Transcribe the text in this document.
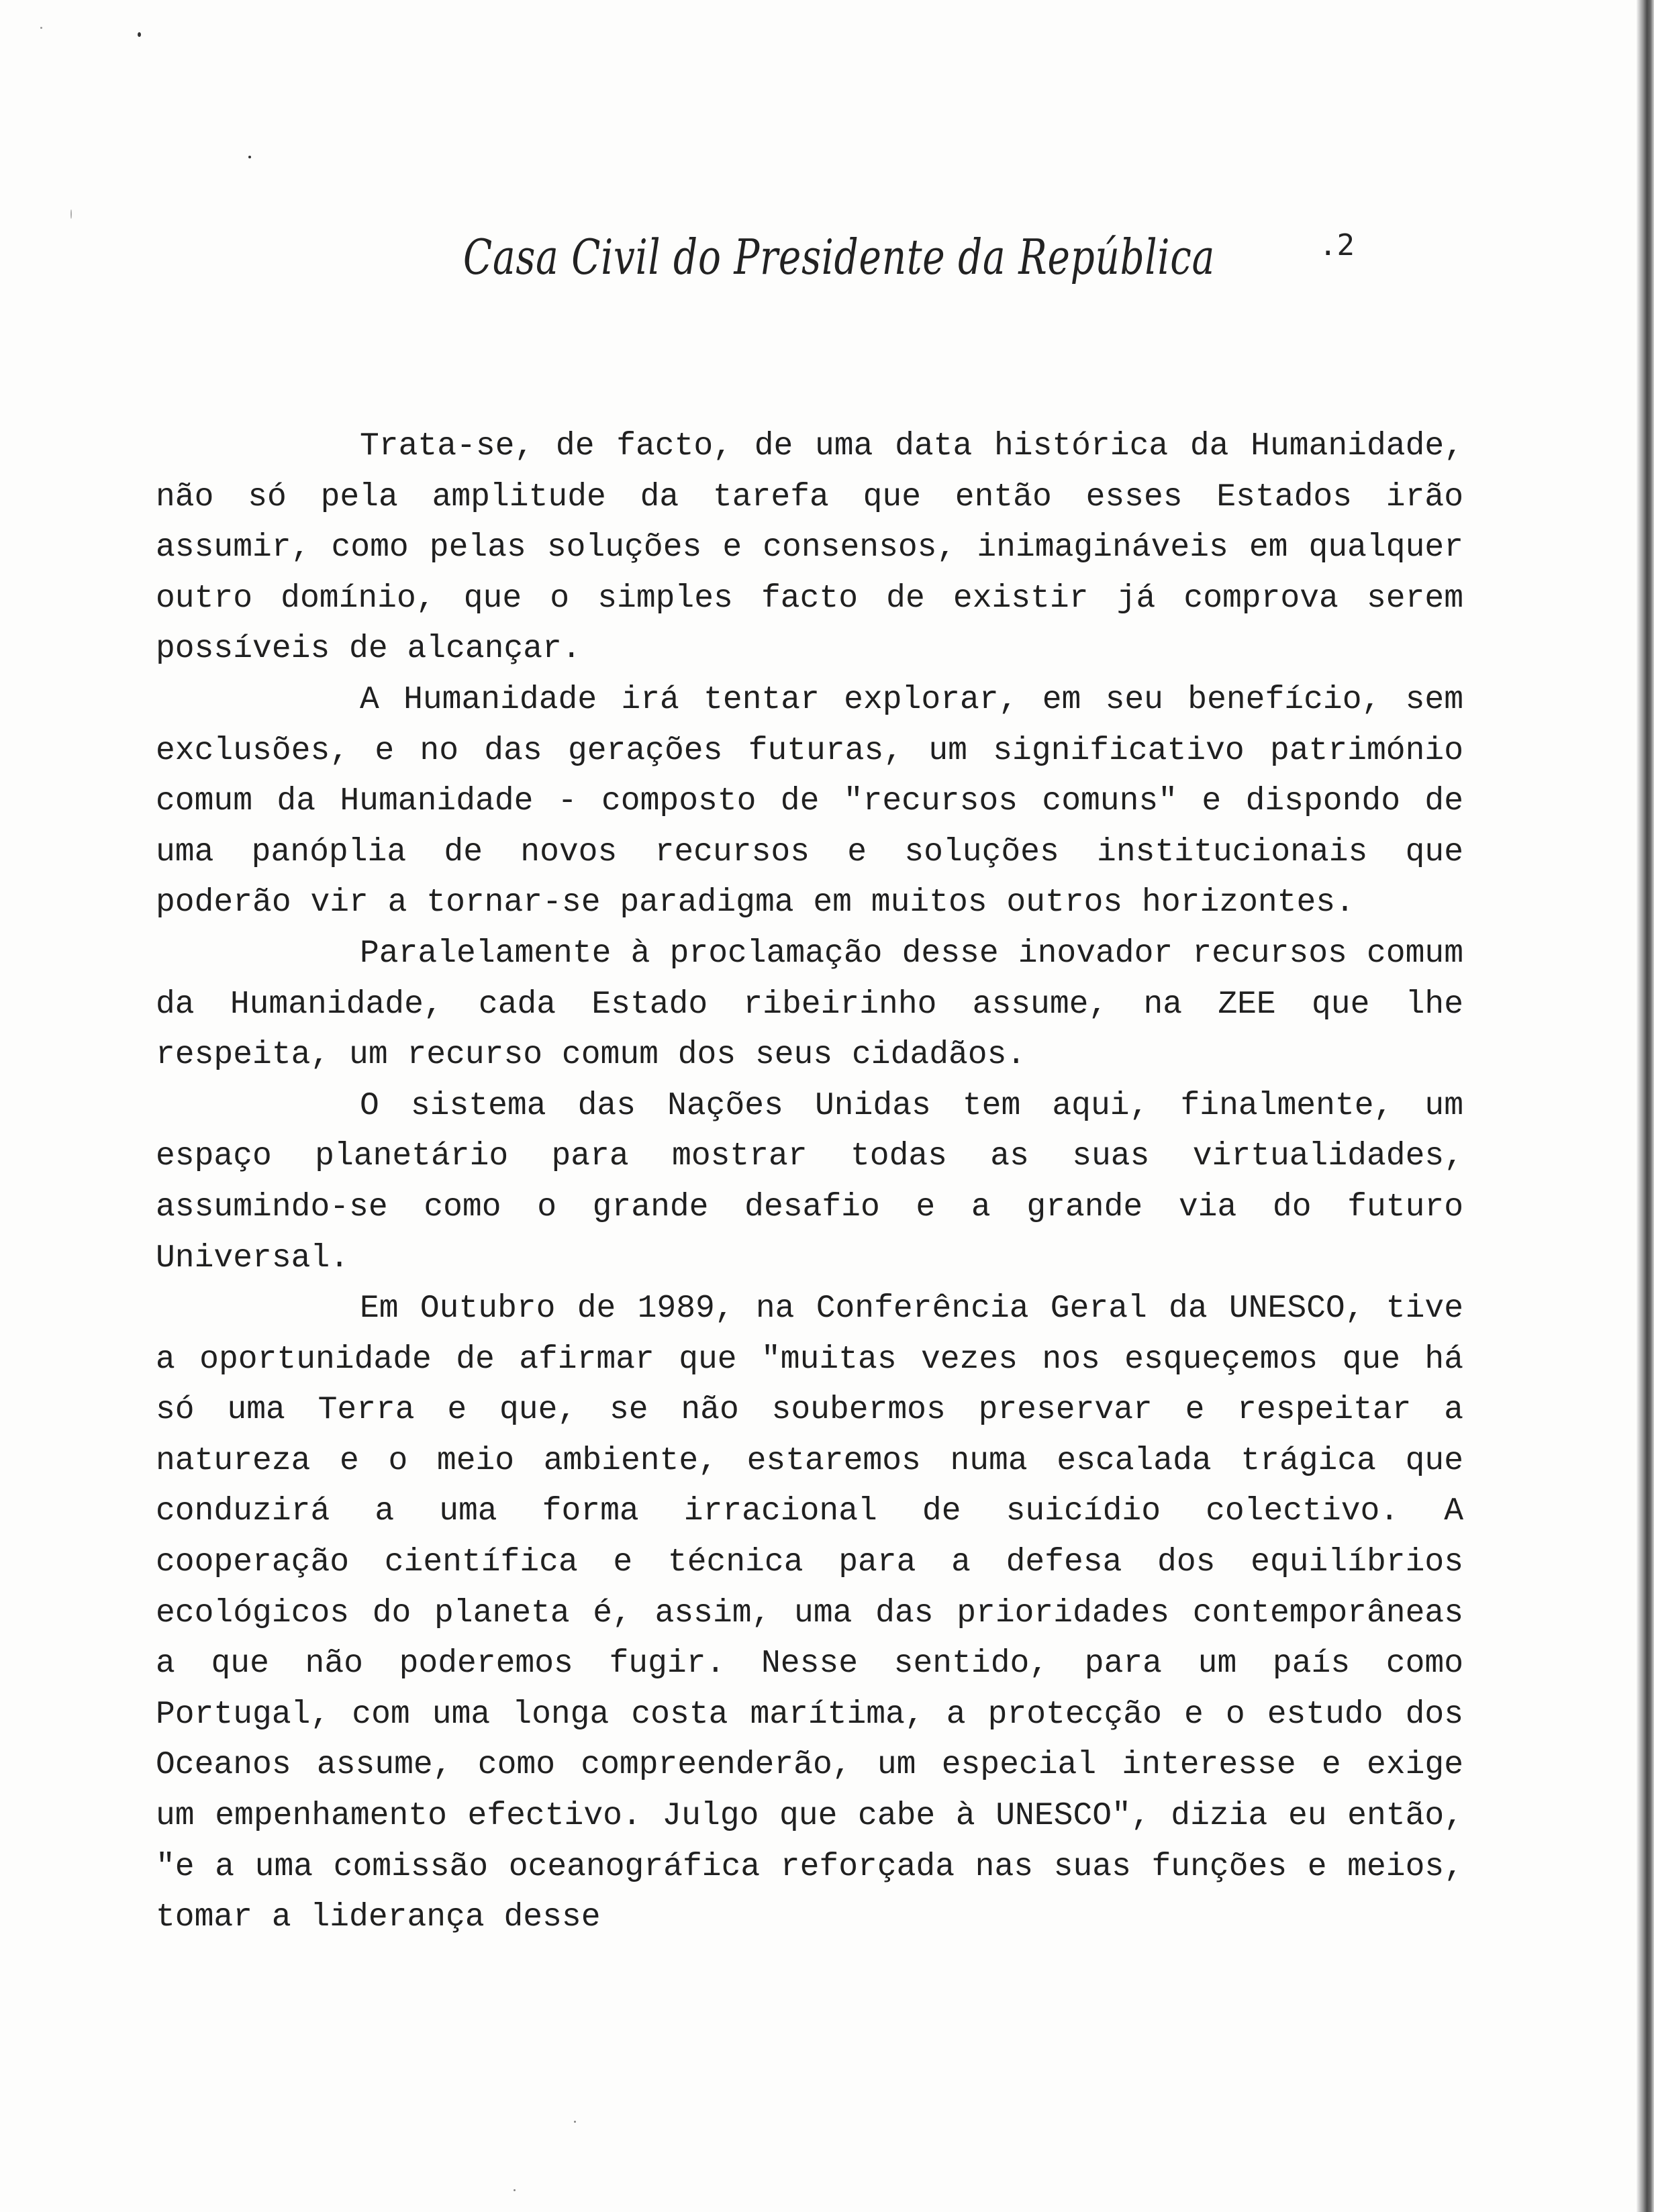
Casa Civil do Presidente da República	.2

Trata-se, de facto, de uma data histórica da Humanidade, não só pela amplitude da tarefa que então esses Estados irão assumir, como pelas soluções e consensos, inimagináveis em qualquer outro domínio, que o simples facto de existir já comprova serem possíveis de alcançar.

A Humanidade irá tentar explorar, em seu benefício, sem exclusões, e no das gerações futuras, um significativo património comum da Humanidade - composto de "recursos comuns" e dispondo de uma panóplia de novos recursos e soluções institucionais que poderão vir a tornar-se paradigma em muitos outros horizontes.

Paralelamente à proclamação desse inovador recursos comum da Humanidade, cada Estado ribeirinho assume, na ZEE que lhe respeita, um recurso comum dos seus cidadãos.

O sistema das Nações Unidas tem aqui, finalmente, um espaço planetário para mostrar todas as suas virtualidades, assumindo-se como o grande desafio e a grande via do futuro Universal.

Em Outubro de 1989, na Conferência Geral da UNESCO, tive a oportunidade de afirmar que "muitas vezes nos esqueçemos que há só uma Terra e que, se não soubermos preservar e respeitar a natureza e o meio ambiente, estaremos numa escalada trágica que conduzirá a uma forma irracional de suicídio colectivo. A cooperação científica e técnica para a defesa dos equilíbrios ecológicos do planeta é, assim, uma das prioridades contemporâneas a que não poderemos fugir. Nesse sentido, para um país como Portugal, com uma longa costa marítima, a protecção e o estudo dos Oceanos assume, como compreenderão, um especial interesse e exige um empenhamento efectivo. Julgo que cabe à UNESCO", dizia eu então, "e a uma comissão oceanográfica reforçada nas suas funções e meios, tomar a liderança desse
